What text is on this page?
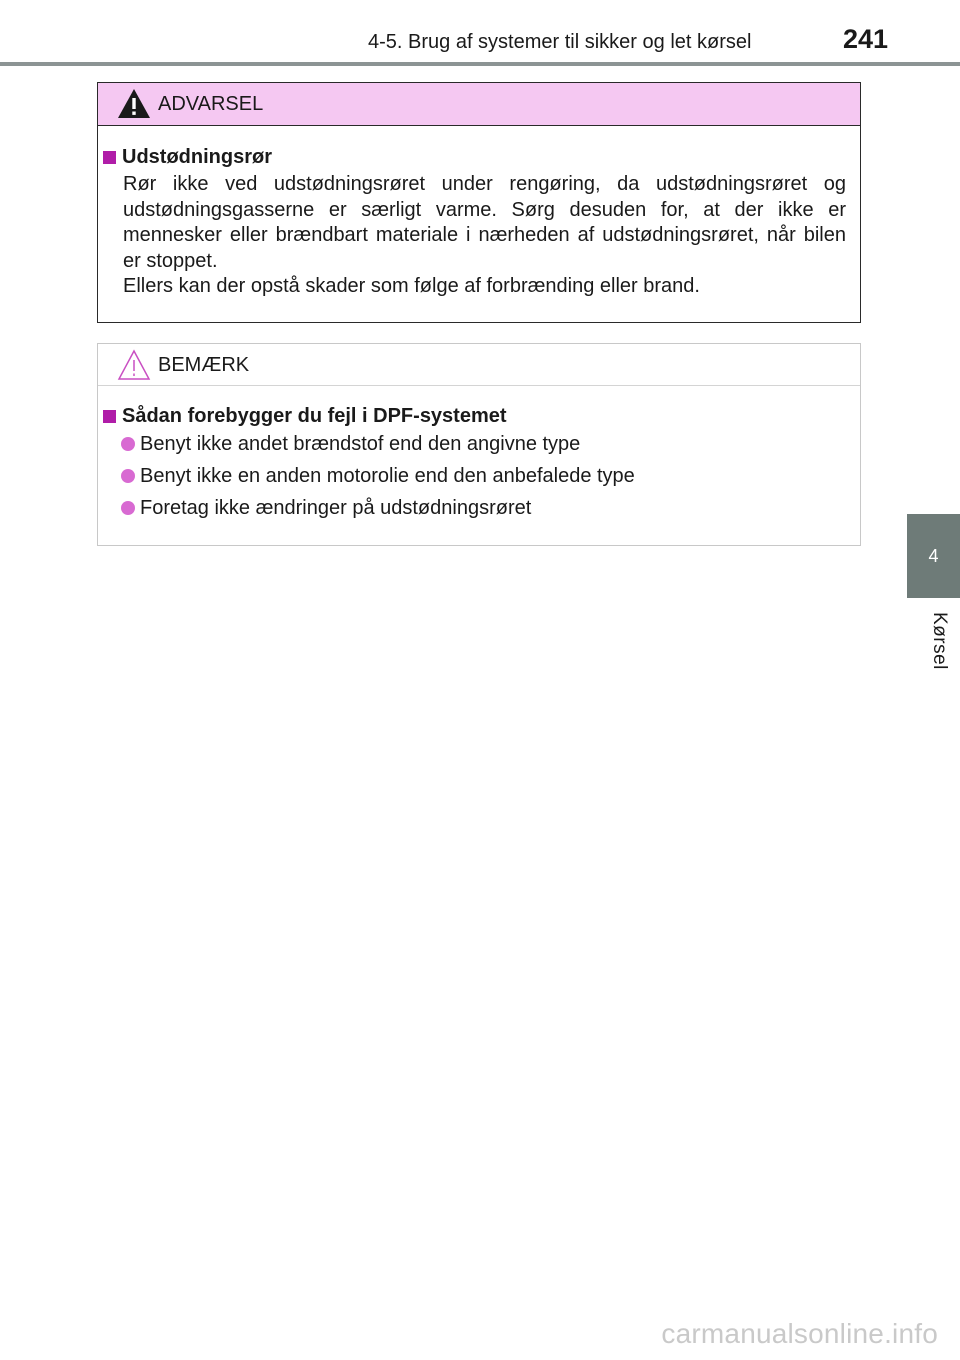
4-5. Brug af systemer til sikker og let kørsel	241
4
Kørsel
ADVARSEL
Udstødningsrør

Rør ikke ved udstødningsrøret under rengøring, da udstødningsrøret og udstødningsgasserne er særligt varme. Sørg desuden for, at der ikke er mennesker eller brændbart materiale i nærheden af udstødningsrøret, når bilen er stoppet.

Ellers kan der opstå skader som følge af forbrænding eller brand.

BEMÆRK
Sådan forebygger du fejl i DPF-systemet
Benyt ikke andet brændstof end den angivne type
Benyt ikke en anden motorolie end den anbefalede type
Foretag ikke ændringer på udstødningsrøret
carmanualsonline.info
